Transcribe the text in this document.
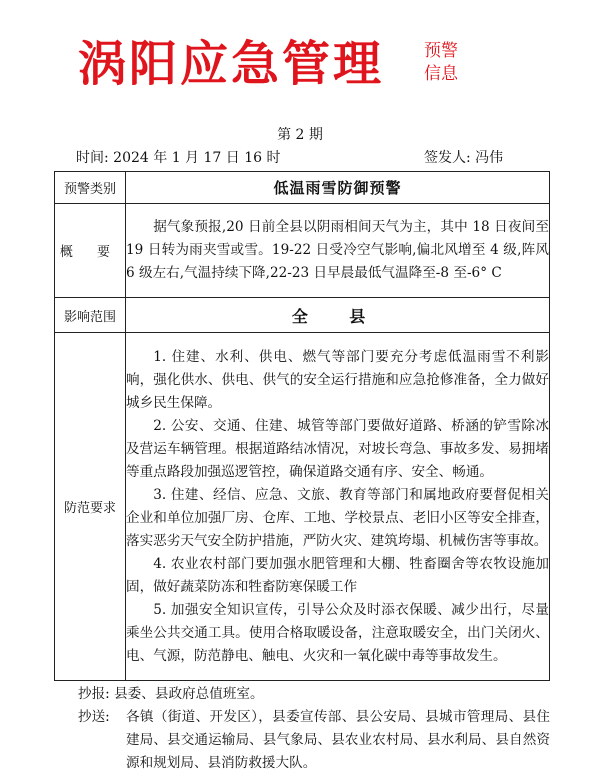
涡阳应急管理	预警
信息
第 2 期
时间: 2024 年 1 月 17 日 16 时	签发人: 冯伟
预警类别	低温雨雪防御预警
概 要	据气象预报,20 日前全县以阴雨相间天气为主，其中 18 日夜间至 19 日转为雨夹雪或雪。19-22 日受冷空气影响,偏北风增至 4 级,阵风 6 级左右,气温持续下降,22-23 日早晨最低气温降至-8 至-6° C

影响范围	全 县
防范要求	1. 住建、水利、供电、燃气等部门要充分考虑低温雨雪不利影响，强化供水、供电、供气的安全运行措施和应急抢修准备，全力做好城乡民生保障。

2. 公安、交通、住建、城管等部门要做好道路、桥涵的铲雪除冰及营运车辆管理。根据道路结冰情况，对坡长弯急、事故多发、易拥堵等重点路段加强巡逻管控，确保道路交通有序、安全、畅通。

3. 住建、经信、应急、文旅、教育等部门和属地政府要督促相关企业和单位加强厂房、仓库、工地、学校景点、老旧小区等安全排查，落实恶劣天气安全防护措施，严防火灾、建筑垮塌、机械伤害等事故。

4. 农业农村部门要加强水肥管理和大棚、牲畜圈舍等农牧设施加固，做好蔬菜防冻和牲畜防寒保暖工作

5. 加强安全知识宣传，引导公众及时添衣保暖、减少出行，尽量乘坐公共交通工具。使用合格取暖设备，注意取暖安全，出门关闭火、电、气源，防范静电、触电、火灾和一氧化碳中毒等事故发生。

抄报: 县委、县政府总值班室。
抄送: 各镇（街道、开发区），县委宣传部、县公安局、县城市管理局、县住建局、县交通运输局、县气象局、县农业农村局、县水利局、县自然资源和规划局、县消防救援大队。
